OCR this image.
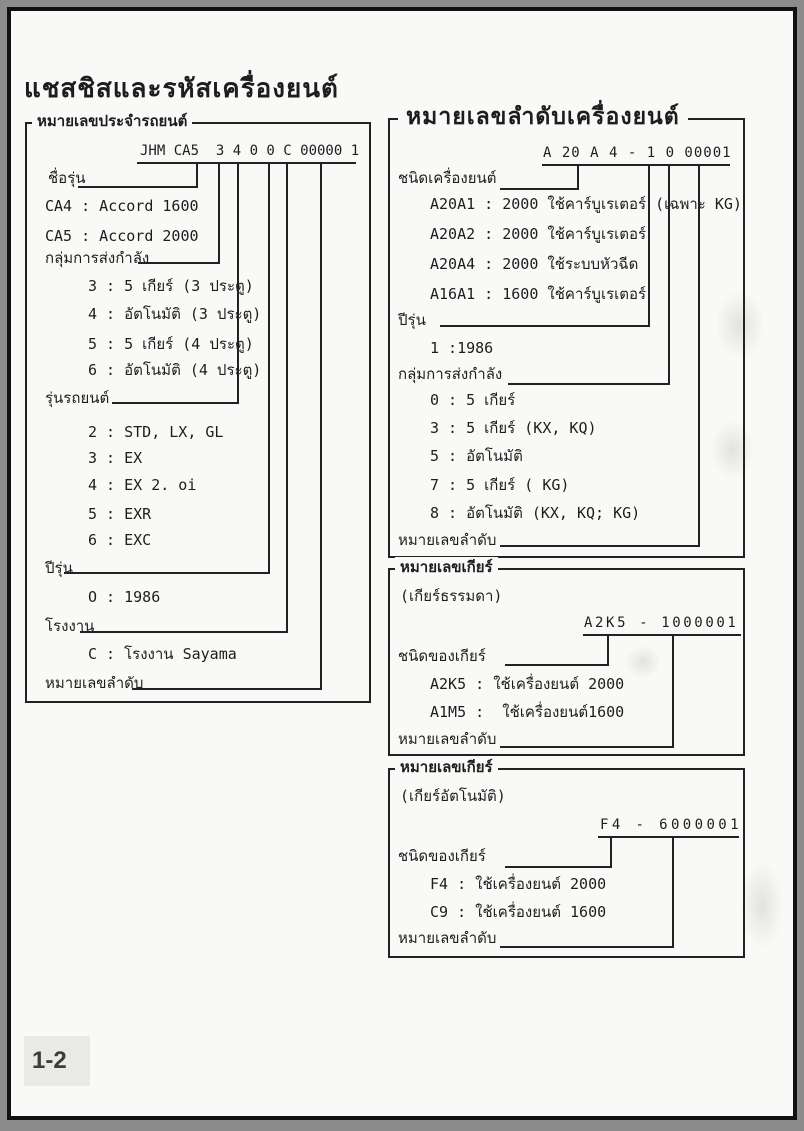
แชสชิสและรหัสเครื่องยนต์
หมายเลขประจำรถยนต์
JHM CA5  3 4 0 0 C 00000 1
ชื่อรุ่น
CA4 : Accord 1600
CA5 : Accord 2000
กลุ่มการส่งกำลัง
3 : 5 เกียร์ (3 ประตู)
4 : อัตโนมัติ (3 ประตู)
5 : 5 เกียร์ (4 ประตู)
6 : อัตโนมัติ (4 ประตู)
รุ่นรถยนต์
2 : STD, LX, GL
3 : EX
4 : EX 2. oi
5 : EXR
6 : EXC
ปีรุ่น
O : 1986
โรงงาน
C : โรงงาน Sayama
หมายเลขลำดับ
หมายเลขลำดับเครื่องยนต์
A 20 A 4 - 1 0 00001
ชนิดเครื่องยนต์
A20A1 : 2000 ใช้คาร์บูเรเตอร์ (เฉพาะ KG)
A20A2 : 2000 ใช้คาร์บูเรเตอร์
A20A4 : 2000 ใช้ระบบหัวฉีด
A16A1 : 1600 ใช้คาร์บูเรเตอร์
ปีรุ่น
1 :1986
กลุ่มการส่งกำลัง
0 : 5 เกียร์
3 : 5 เกียร์ (KX, KQ)
5 : อัตโนมัติ
7 : 5 เกียร์ ( KG)
8 : อัตโนมัติ (KX, KQ; KG)
หมายเลขลำดับ
หมายเลขเกียร์
(เกียร์ธรรมดา)
A2K5 - 1000001
ชนิดของเกียร์
A2K5 : ใช้เครื่องยนต์ 2000
A1M5 :  ใช้เครื่องยนต์1600
หมายเลขลำดับ
หมายเลขเกียร์
(เกียร์อัตโนมัติ)
F4 - 6000001
ชนิดของเกียร์
F4 : ใช้เครื่องยนต์ 2000
C9 : ใช้เครื่องยนต์ 1600
หมายเลขลำดับ
1-2
